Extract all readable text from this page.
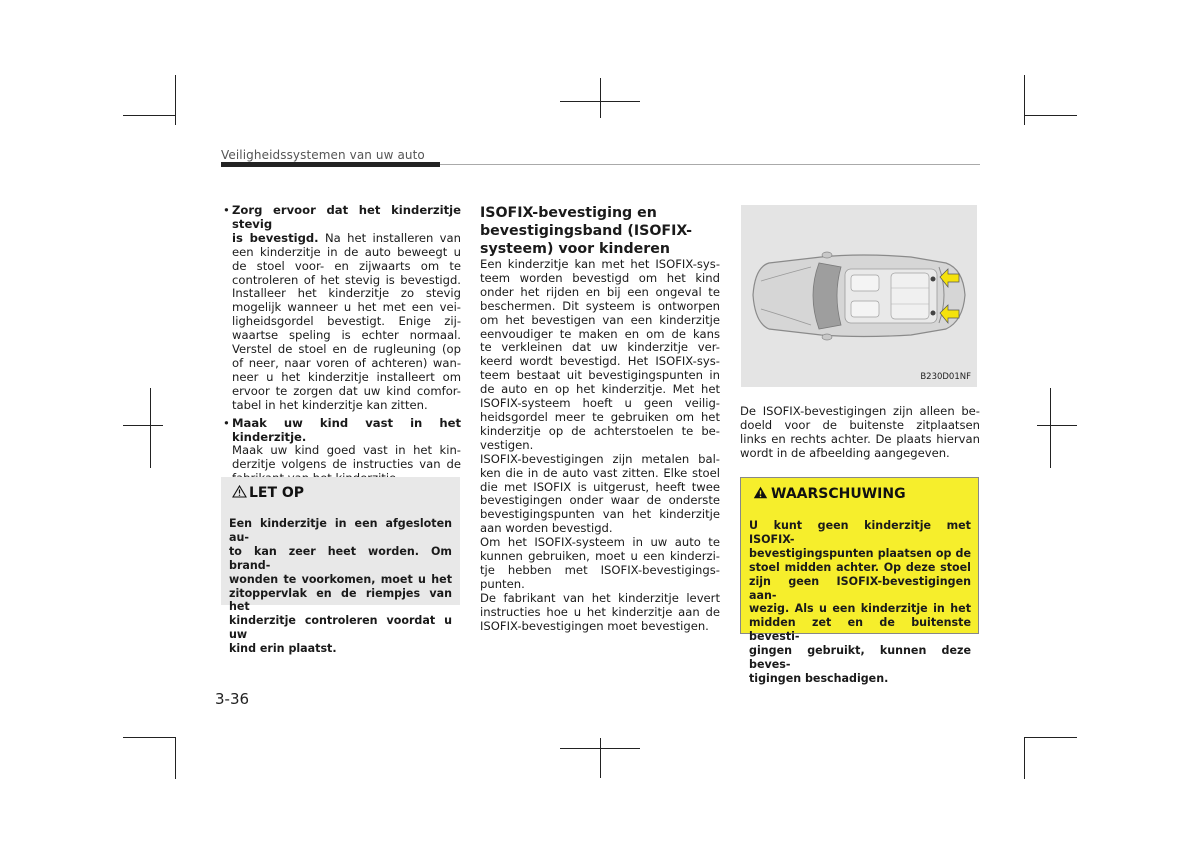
Veiligheidssystemen van uw auto
• Zorg ervoor dat het kinderzitje stevig
is bevestigd. Na het installeren van
een kinderzitje in de auto beweegt u
de stoel voor- en zijwaarts om te
controleren of het stevig is bevestigd.
Installeer het kinderzitje zo stevig
mogelijk wanneer u het met een vei-
ligheidsgordel bevestigt. Enige zij-
waartse speling is echter normaal.
Verstel de stoel en de rugleuning (op
of neer, naar voren of achteren) wan-
neer u het kinderzitje installeert om
ervoor te zorgen dat uw kind comfor-
tabel in het kinderzitje kan zitten.
• Maak uw kind vast in het kinderzitje.
Maak uw kind goed vast in het kin-
derzitje volgens de instructies van de
LET OP
Een kinderzitje in een afgesloten au-
to kan zeer heet worden. Om brand-
wonden te voorkomen, moet u het
zitoppervlak en de riempjes van het
kinderzitje controleren voordat u uw
kind erin plaatst.
ISOFIX-bevestiging en
bevestigingsband (ISOFIX-
systeem) voor kinderen
Een kinderzitje kan met het ISOFIX-sys-
teem worden bevestigd om het kind
onder het rijden en bij een ongeval te
beschermen. Dit systeem is ontworpen
om het bevestigen van een kinderzitje
eenvoudiger te maken en om de kans
te verkleinen dat uw kinderzitje ver-
keerd wordt bevestigd. Het ISOFIX-sys-
teem bestaat uit bevestigingspunten in
de auto en op het kinderzitje. Met het
ISOFIX-systeem hoeft u geen veilig-
heidsgordel meer te gebruiken om het
kinderzitje op de achterstoelen te be-
vestigen.
ISOFIX-bevestigingen zijn metalen bal-
ken die in de auto vast zitten. Elke stoel
die met ISOFIX is uitgerust, heeft twee
bevestigingen onder waar de onderste
bevestigingspunten van het kinderzitje
aan worden bevestigd.
Om het ISOFIX-systeem in uw auto te
kunnen gebruiken, moet u een kinderzi-
tje hebben met ISOFIX-bevestigings-
punten.
De fabrikant van het kinderzitje levert
instructies hoe u het kinderzitje aan de
ISOFIX-bevestigingen moet bevestigen.
B230D01NF
De ISOFIX-bevestigingen zijn alleen be-
doeld voor de buitenste zitplaatsen
links en rechts achter. De plaats hiervan
wordt in de afbeelding aangegeven.
WAARSCHUWING
U kunt geen kinderzitje met ISOFIX-
bevestigingspunten plaatsen op de
stoel midden achter. Op deze stoel
zijn geen ISOFIX-bevestigingen aan-
wezig. Als u een kinderzitje in het
midden zet en de buitenste bevesti-
gingen gebruikt, kunnen deze beves-
tigingen beschadigen.
3-36
